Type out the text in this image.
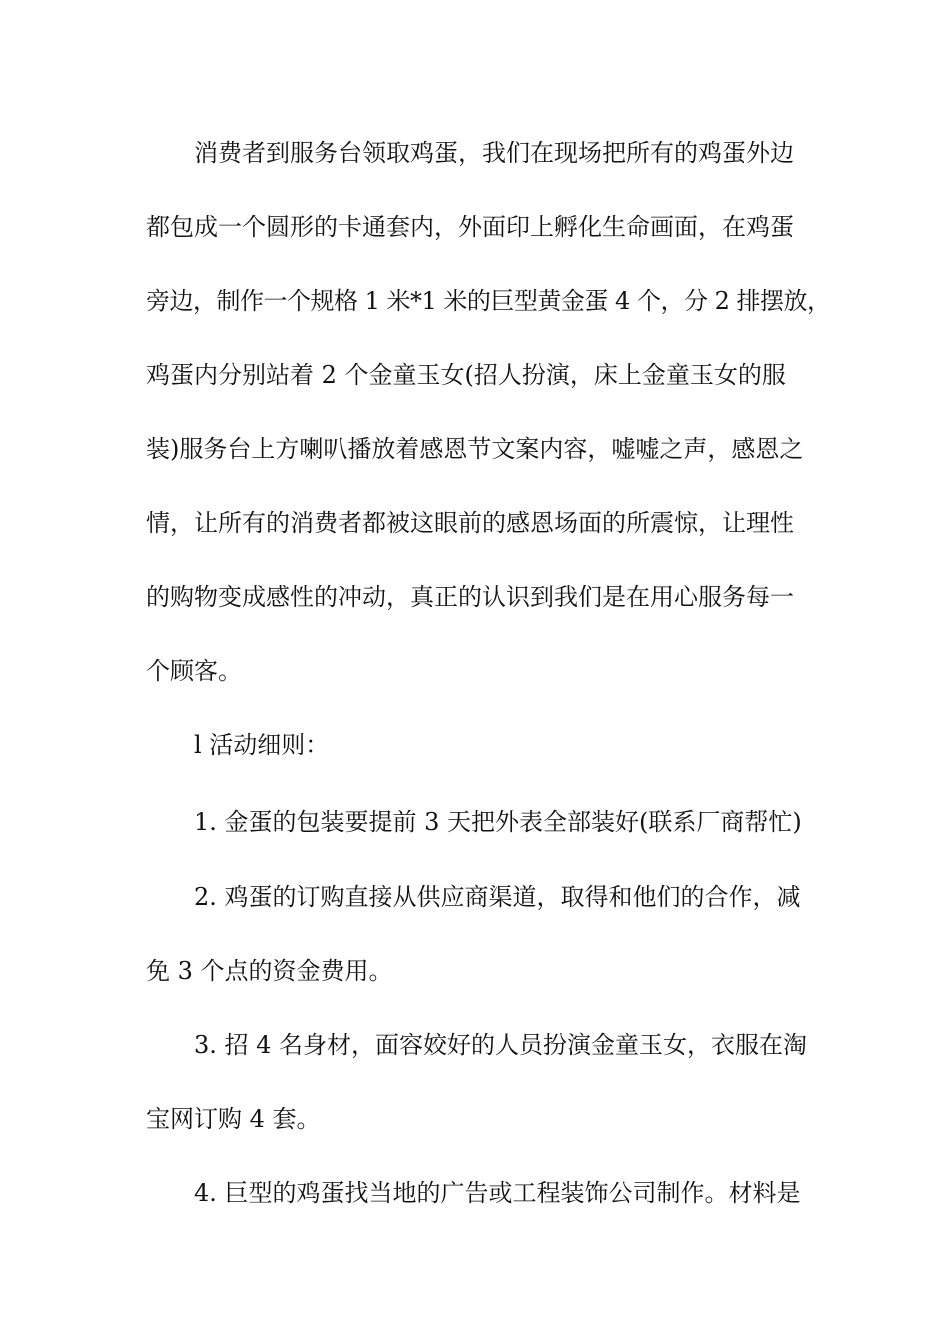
消费者到服务台领取鸡蛋，我们在现场把所有的鸡蛋外边
都包成一个圆形的卡通套内，外面印上孵化生命画面，在鸡蛋
旁边，制作一个规格 1 米*1 米的巨型黄金蛋 4 个，分 2 排摆放，
鸡蛋内分别站着 2 个金童玉女(招人扮演，床上金童玉女的服
装)服务台上方喇叭播放着感恩节文案内容，嘘嘘之声，感恩之
情，让所有的消费者都被这眼前的感恩场面的所震惊，让理性
的购物变成感性的冲动，真正的认识到我们是在用心服务每一
个顾客。
l 活动细则：
1. 金蛋的包装要提前 3 天把外表全部装好(联系厂商帮忙)
2. 鸡蛋的订购直接从供应商渠道，取得和他们的合作，减
免 3 个点的资金费用。
3. 招 4 名身材，面容姣好的人员扮演金童玉女，衣服在淘
宝网订购 4 套。
4. 巨型的鸡蛋找当地的广告或工程装饰公司制作。材料是
